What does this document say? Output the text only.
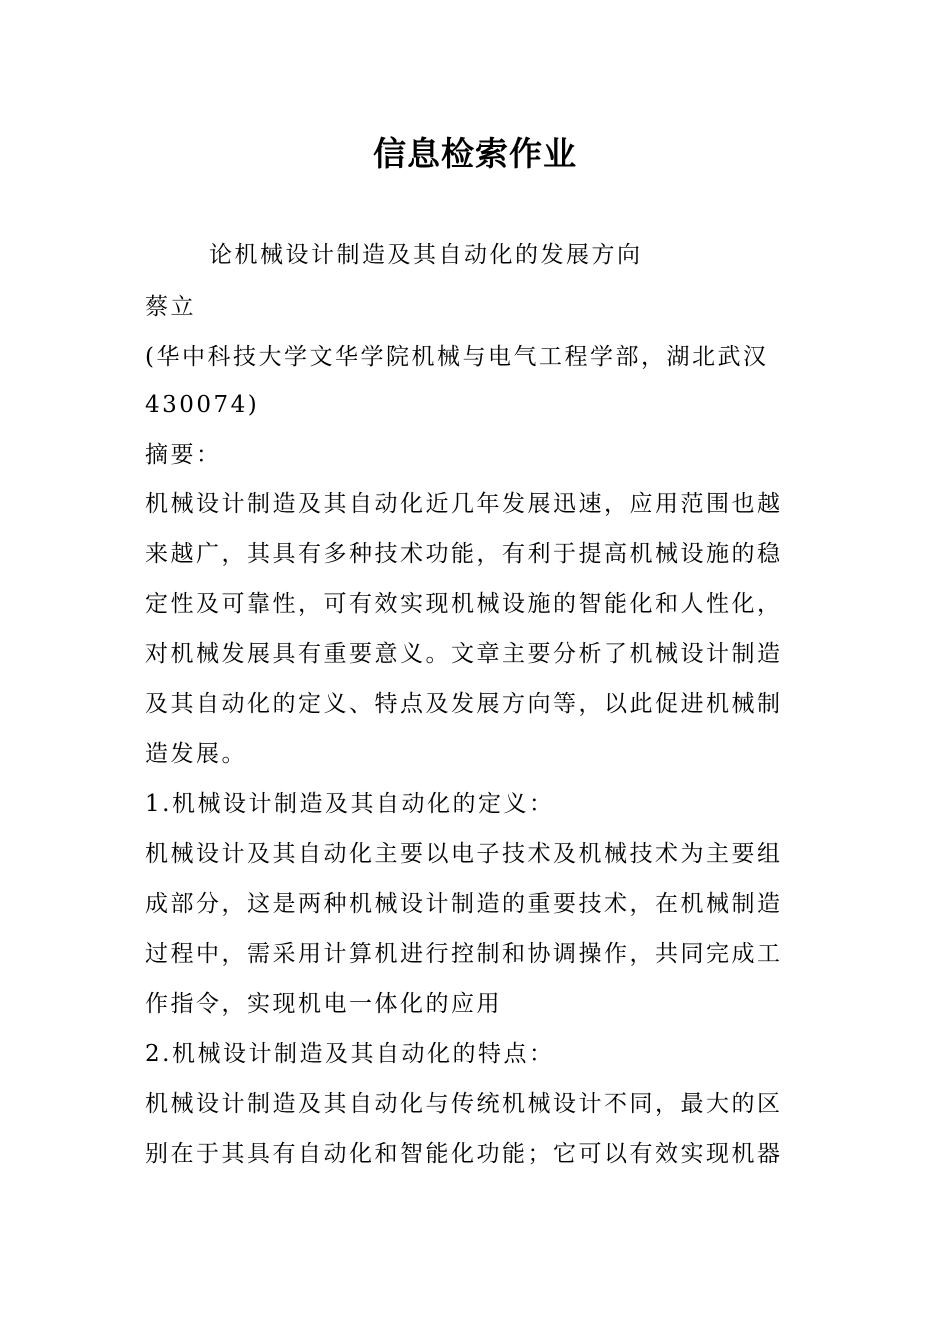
信息检索作业
论机械设计制造及其自动化的发展方向
蔡立
(华中科技大学文华学院机械与电气工程学部，湖北武汉
430074)
摘要：
机械设计制造及其自动化近几年发展迅速，应用范围也越
来越广，其具有多种技术功能，有利于提高机械设施的稳
定性及可靠性，可有效实现机械设施的智能化和人性化，
对机械发展具有重要意义。文章主要分析了机械设计制造
及其自动化的定义、特点及发展方向等，以此促进机械制
造发展。
1.机械设计制造及其自动化的定义：
机械设计及其自动化主要以电子技术及机械技术为主要组
成部分，这是两种机械设计制造的重要技术，在机械制造
过程中，需采用计算机进行控制和协调操作，共同完成工
作指令，实现机电一体化的应用
2.机械设计制造及其自动化的特点：
机械设计制造及其自动化与传统机械设计不同，最大的区
别在于其具有自动化和智能化功能；它可以有效实现机器
